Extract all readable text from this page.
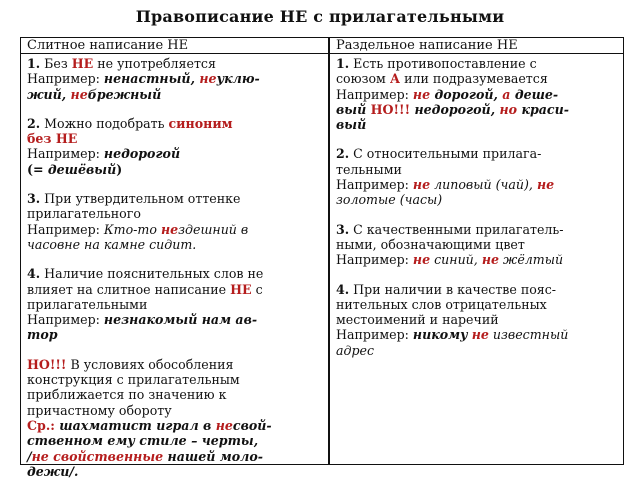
Правописание НЕ с прилагательными
Слитное написание НЕ	Раздельное написание НЕ
1. Без НЕ не употребляется
Например: ненастный, неуклю-
жий, небрежный
2. Можно подобрать синоним
без НЕ
Например: недорогой
(= дешёвый)
3. При утвердительном оттенке
прилагательного
Например: Кто-то нездешний в
часовне на камне сидит.
4. Наличие пояснительных слов не
влияет на слитное написание НЕ с
прилагательными
Например: незнакомый нам ав-
тор
НО!!! В условиях обособления
конструкция с прилагательным
приближается по значению к
причастному обороту
Ср.: шахматист играл в несвой-
ственном ему стиле – черты,
/не свойственные нашей моло-
дежи/.
1. Есть противопоставление с
союзом А или подразумевается
Например: не дорогой, а деше-
вый НО!!! недорогой, но краси-
вый
2. С относительными прилага-
тельными
Например: не липовый (чай), не
золотые (часы)
3. С качественными прилагатель-
ными, обозначающими цвет
Например: не синий, не жёлтый
4. При наличии в качестве пояс-
нительных слов отрицательных
местоимений и наречий
Например: никому не известный
адрес
